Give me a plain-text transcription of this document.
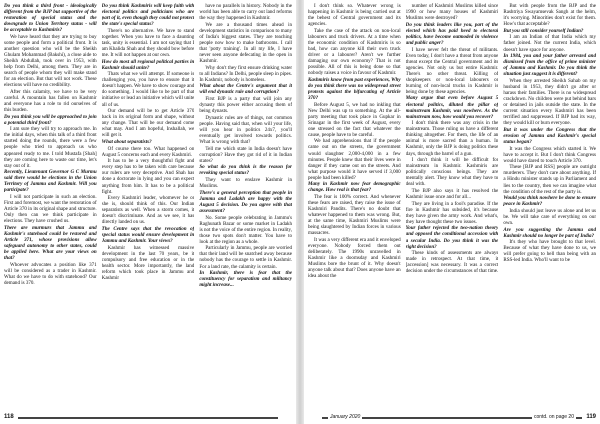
Do you think a third front - ideologically different from the BJP but supportive of the restoration of special status and the downgrade to Union Territory status - will be acceptable to Kashmiris?

We have heard that they are trying to buy some people and form a political front. It is another question who will be the Sheikh Ghulam Mohammad (Bakshi), a close aide to Sheikh Abdullah, took over in 1953, with help from Delhi, among them. They are in search of people whom they will make stand for an election. But that will not work. These elections will have no credibility.

After this calamity, we have to be very careful. A mountain has fallen on Kashmir and everyone has a role to rid ourselves of this burden.

Do you think you will be approached to join a potential third front?

I am sure they will try to approach me. In the initial days, when this talk of a third front started doing the rounds, there were a few people who tried to approach us who appeared ready to me. I told Mustafa [Shah] they are coming here to waste our time, let's stay out of it.

Recently, Lieutenant Governor G C Murmu said there would be elections in the Union Territory of Jammu and Kashmir. Will you participate?

I will not participate in such an election. First and foremost, we want the restoration of Article 370 in its original shape and structure. Only then can we think participate in elections. They have crushed us.

There are murmurs that Jammu and Kashmir's statehood could be restored and Article 371, whose provisions allow safeguard autonomy to other states, could be applied here. What are your views on that?

Whoever advocates a position like 371 will be considered as a trader in Kashmir. What do we have to do with statehood? Our demand is 370.

Do you think Kashmiris will keep faith with electoral politics and politicians who are part of it, even though they could not protect the state's special status?

There's no alternative. We have to stand together. When you have to face a daunting task, unity is essential. I am not saying that I am Khalida Shah and they should bow before me. It will not happen at our own.

How do most all regional political parties in Kashmir should unite?

Thats what we will attempt. If someone is challenging you, you have to ensure that it doesn't happen. We have to show courage and do something. I would like to be part of that initiative or lead an initiative which will unite all of us.

Our demand will be to get Article 370 back in its original form and shape, without any change. That will be our demand come what may. And I am hopeful, Inshallah, we will get it.

What about separatists?

Of course there too. What happened on August 5 concerns each and every Kashmiri.

It has to be a very thoughtful fight and every step has to be taken with care because our rulers are very deceptive. And Shah has done a doctorate in lying and you can expect anything from him. It has to be a political fight.

Every Kashmiri leader, whomever he or she is, should think of this. Our Indian separatists as well. When a storm comes, it doesn't discriminate. And as we see, it has directly landed on us.

The Centre says that the revocation of special status would ensure development in Jammu and Kashmir. Your views?

Kashmir has witnessed massive development in the last 70 years, be it compulsory and free education or in the health sector. More importantly, the land reform which took place in Jammu and Kashmir

have no parallels in history. Nobody in the world has been able to carry out land reforms the way they happened in Kashmir.

We are a thousand times ahead in development statistics in comparison to many of India's biggest states. They are teaching people now how to make bathrooms. I call that 'potty training'. In all my life, I have never seen anyone defecating in the open in Kashmir.

Why don't they first ensure drinking water to all Indians? In Delhi, people sleep in pipes. In Kashmir, nobody is homeless.

What about the Centre's argument that it will end dynastic rule and corruption?

First BJP is a party that will join any dynasty this power either accusing them of being dynasts.

Dynastic rules are of things, not common people. Having said that, when will your life, will you hear in politics 24x7, you'll eventually get involved towards politics. What is wrong with that?

Tell me which state in India doesn't have corruption? Have they got rid of it in Indian states?

So what do you think is the reason for revoking special status?

They want to enslave Kashmir in Muslims.

There's a general perception that people in Jammu and Ladakh are happy with the August 5 decision. Do you agree with that assessment?

No. Some people celebrating in Jammu's Raghunath Bazar or some market in Ladakh is not the voice of the entire region. In reality, those two spots don't matter. You have to look at the region as a whole.

Particularly in Jammu, people are worried that their land will be snatched away because nobody has the courage to settle in Kashmir. For a land rate, the calamity is certain.

In Kashmir, there is fear that the constituency for separatism and militancy might increase...

118

I don't think so. Whatever wrong is happening in Kashmir is being carried out at the behest of Central government and its agencies.

Take the case of the attack on non-local labourers and truck drivers. At a time when the economic condition of Kashmiris is so bad, how can anyone kill their own truck driver or a labourer? Aren't we further damaging our own economy? That is not possible. All of this is being done so that nobody raises a voice in favour of Kashmir.

Kashmiris know from past experiences, Why do you think there was no widespread street protests against the bifurcating of Article 370?

Before August 5, we had no inkling that New Delhi was up to something. At the all-party meeting that took place in Gupkar in Srinagar in the first week of August, every one stressed on the fact that whatever the cause, people have to be careful.

We had apprehensions that if the people came out on the streets, the government would slaughter 2,000-4,000 in a few minutes. People knew that their lives were in danger if they came out on the streets. And what purpose would it have served if 3,000 people had been killed?

Many in Kashmir now fear demographic change. How real is that fear?

The fear is 100% correct. And whenever these fears are raised, they raise the issue of Kashmiri Pandits. There's no doubt that whatever happened to them was wrong. But, at the same time, Kashmiri Muslims were being slaughtered by Indian forces in various massacres.

It was a very different era and it enveloped everyone. Nobody forced them out deliberately. The 1990s unravelled in Kashmir like a doomsday and Kashmiri Muslims bore the brunt of it. Why doesn't anyone talk about that? Does anyone have an idea about the

number of Kashmiri Muslims killed since 1990 or how many houses of Kashmiri Muslims were destroyed?

Do you think leaders like you, part of the elected which has paid heed to electoral politics, have become outmoded in violence and public anger?

I have never felt the threat of militants. Even today, I don't have a threat from anyone threat except the Central government and its agencies. Not only us but entire Kashmir. There's no other threat. Killing of shopkeepers or non-local labourers or burning of non-local trucks in Kashmir is being done by these agencies.

Many argue that even before August 5 electoral politics, diluted the pillar of mainstream Kashmir, was nowhere. As the mainstream now, how would you recover?

I don't think there was any crisis in the mainstream. Those ruling us have a different thinking altogether. For them, the life of an animal is more sacred than a human. In Kashmir, only the BJP is doing politics these days, through the barrel of a gun.

I don't think it will be difficult for mainstream in Kashmir. Kashmiris are politically conscious beings. They are mentally alert. They know what they have to deal with.

The BJP also says it has resolved the Kashmir issue once and for all...

They are living in a fool's paradise. If the fire in Kashmir has subsided, it's because they have given the army work. And what's, they have thought these two issues.

Your father rejected the two-nation theory and opposed the conditional accession with a secular India. Do you think it was the right decision?

These kinds of assessments are always made in retrospect. At that time, it [accession] was necessary. It was a correct decision under the circumstances of that time.

But with people from the BJP and the Rashtriya Swayamsevak Sangh at the helm, it's worrying. Minorities don't exist for them. How's that acceptable?

But you still consider yourself Indian?

I am an Indian of that India which my father joined. Not the current India, which doesn't have space for anyone.

In 1984, you and your father arrested and dismissed from the office of prime minister of Jammu and Kashmir. Do you think the situation just suggest it is different?

When they arrested Sheikh Sahab on my husband in 1953, they didn't go after or harass their families. There is no widespread crackdown. No children were put behind bars or detained in jails outside the state. In the current situation every Kashmiri has been terrified and suppressed. If BJP had its way, they would kill or burn everyone.

But it was under the Congress that the erosion of Jammu and Kashmir's special status began?

It was the Congress which started it. We have to accept it. But I don't think Congress would have dared to touch Article 370.

These [BJP and RSS] people are outright murderers. They don't care about anything. If a Hindu minister stands up in Parliament and lies to the country, then we can imagine what the condition of the rest of the party is.

Would you think nowhere be done to ensure peace in Kashmir?

India should just leave us alone and let us be. We will take care of everything on our own.

Are you suggesting the Jammu and Kashmir should no longer be part of India?

It's they who have brought to that level. Because of what they have done to us, we will prefer going to hell than being with an RSS-led India. Who'll want to be

January 2020	contd. on page 20	119
